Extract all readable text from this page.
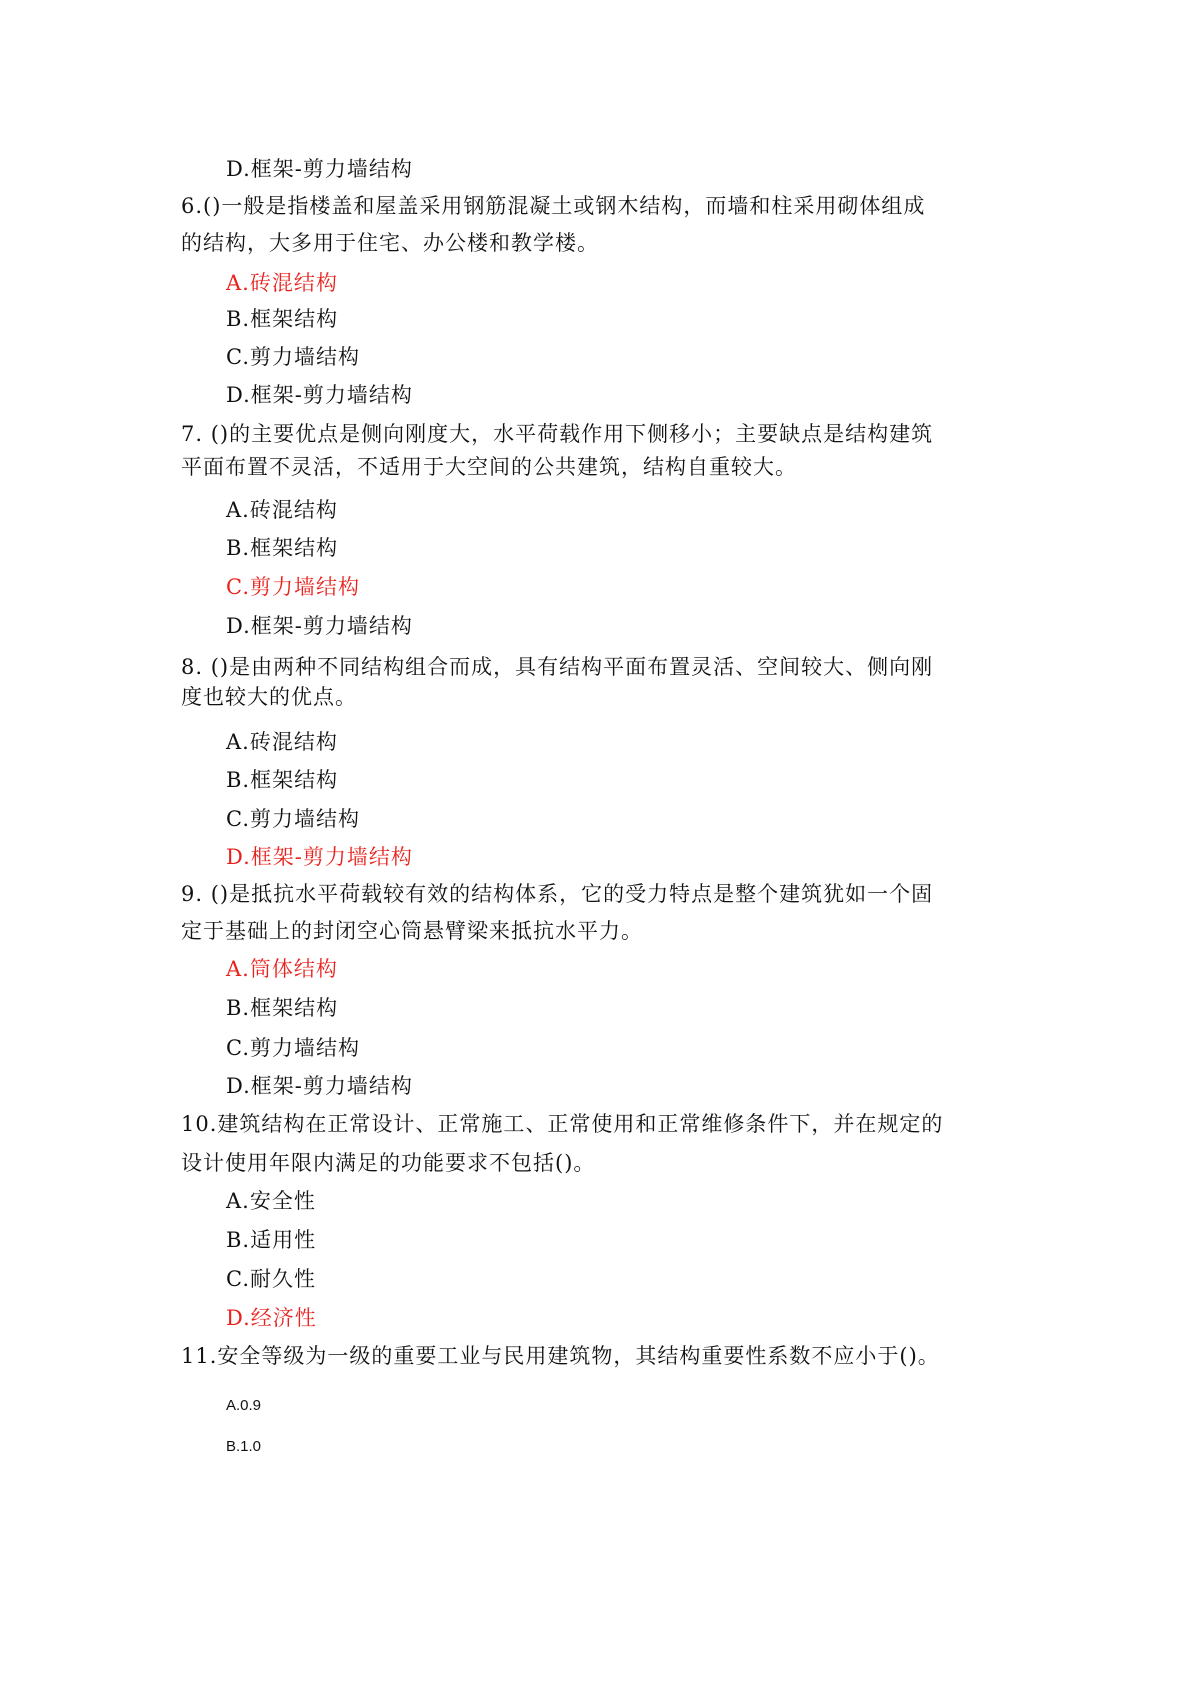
D.框架-剪力墙结构
6.()一般是指楼盖和屋盖采用钢筋混凝土或钢木结构，而墙和柱采用砌体组成
的结构，大多用于住宅、办公楼和教学楼。
A.砖混结构
B.框架结构
C.剪力墙结构
D.框架-剪力墙结构
7. ()的主要优点是侧向刚度大，水平荷载作用下侧移小；主要缺点是结构建筑
平面布置不灵活，不适用于大空间的公共建筑，结构自重较大。
A.砖混结构
B.框架结构
C.剪力墙结构
D.框架-剪力墙结构
8. ()是由两种不同结构组合而成，具有结构平面布置灵活、空间较大、侧向刚
度也较大的优点。
A.砖混结构
B.框架结构
C.剪力墙结构
D.框架-剪力墙结构
9. ()是抵抗水平荷载较有效的结构体系，它的受力特点是整个建筑犹如一个固
定于基础上的封闭空心筒悬臂梁来抵抗水平力。
A.筒体结构
B.框架结构
C.剪力墙结构
D.框架-剪力墙结构
10.建筑结构在正常设计、正常施工、正常使用和正常维修条件下，并在规定的
设计使用年限内满足的功能要求不包括()。
A.安全性
B.适用性
C.耐久性
D.经济性
11.安全等级为一级的重要工业与民用建筑物，其结构重要性系数不应小于()。
A.0.9
B.1.0
